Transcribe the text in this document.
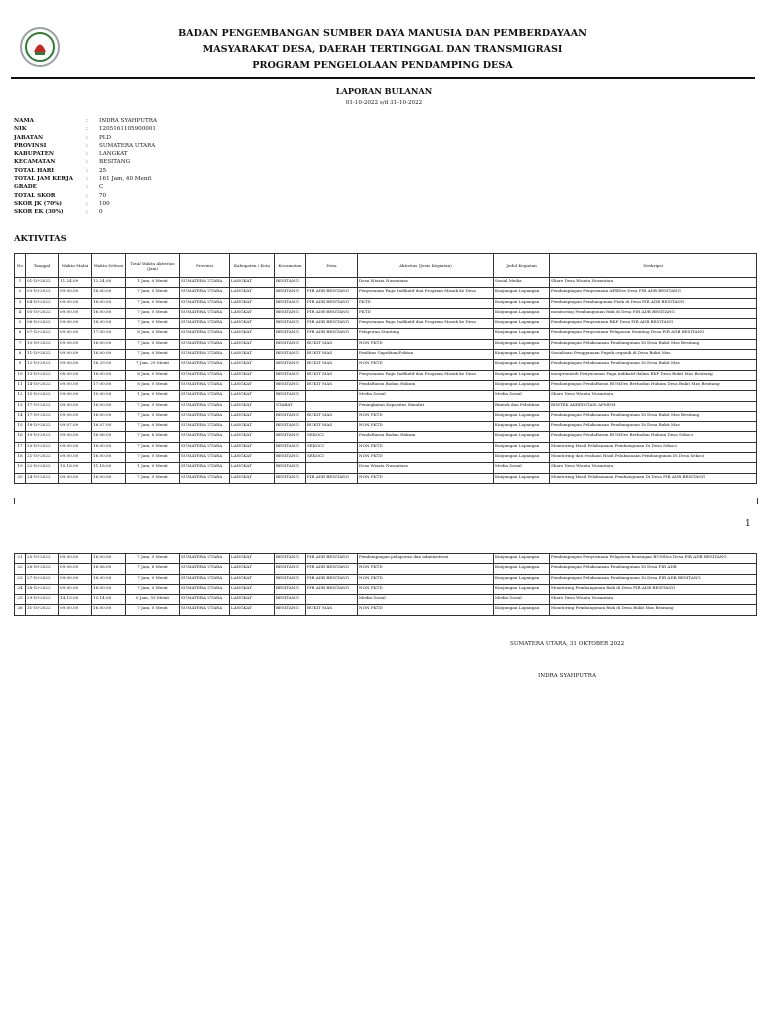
BADAN PENGEMBANGAN SUMBER DAYA MANUSIA DAN PEMBERDAYAAN
MASYARAKAT DESA, DAERAH TERTINGGAL DAN TRANSMIGRASI
PROGRAM PENGELOLAAN PENDAMPING DESA
LAPORAN BULANAN
01-10-2022 s/d 31-10-2022
NAMA	: INDRA SYAHPUTRA
NIK	: 1205161105900001
JABATAN	: PLD
PROVINSI	: SUMATERA UTARA
KABUPATEN	: LANGKAT
KECAMATAN	: BESITANG
TOTAL HARI	: 25
TOTAL JAM KERJA : 161 Jam, 40 Menit
GRADE	: C
TOTAL SKOR	: 70
SKOR JK (70%)	: 100
SKOR EK (30%)	: 0
AKTIVITAS
No	Tanggal	Waktu Mulai	Waktu Selesai	Total Waktu Aktivitas (Jam)	Provinsi	Kabupaten / Kota	Kecamatan	Desa	Aktivitas (Jenis Kegiatan)	Judul Kegiatan	Deskripsi
1	01-10-2022	11.24.00	12.24.00	1 Jam, 0 Menit	SUMATERA UTARA	LANGKAT	BESITANG		Desa Wisata Nusantara	Sosial Media	Share Desa Wisata Nusantara
2	03-10-2022	09.00.00	16.00.00	7 Jam, 0 Menit	SUMATERA UTARA	LANGKAT	BESITANG	PIR ADB BESITANG	Penyusunan Pagu Indikatif dan Program Masuk ke Desa	Kunjungan Lapangan	Pendampingan Penyusunan APBDes Desa PIR ADB BESITANG
3	04-10-2022	09.00.00	16.00.00	7 Jam, 0 Menit	SUMATERA UTARA	LANGKAT	BESITANG	PIR ADB BESITANG	PKTD	Kunjungan Lapangan	Pendampingan Pembangunan Fisik di Desa PIR ADB BESITANG
4	05-10-2022	09.00.00	16.00.00	7 Jam, 0 Menit	SUMATERA UTARA	LANGKAT	BESITANG	PIR ADB BESITANG	PKTD	Kunjungan Lapangan	monitoring Pembangunan fisik di Desa PIR ADB BESITANG
5	06-10-2022	09.00.00	16.00.00	7 Jam, 0 Menit	SUMATERA UTARA	LANGKAT	BESITANG	PIR ADB BESITANG	Penyusunan Pagu Indikatif dan Program Masuk ke Desa	Kunjungan Lapangan	Pendampingan Penyusunan RKP Desa PIR ADB BESITANG
6	07-10-2022	09.00.00	17.00.00	8 Jam, 0 Menit	SUMATERA UTARA	LANGKAT	BESITANG	PIR ADB BESITANG	Pelaporan Stunting	Kunjungan Lapangan	Pendampingan Penyusunan Pelaporan Stunting Desa PIR ADB BESITANG
7	10-10-2022	09.00.00	16.00.00	7 Jam, 0 Menit	SUMATERA UTARA	LANGKAT	BESITANG	BUKIT MAS	NON PKTD	Kunjungan Lapangan	Pendampingan Pelaksanaan Pembangunan Di Desa Bukit Mas Besitang
8	11-10-2022	09.00.00	16.00.00	7 Jam, 0 Menit	SUMATERA UTARA	LANGKAT	BESITANG	BUKIT MAS	Fasilitas Gapoktan/Poktan	Kunjungan Lapangan	Sosialisasi Penggunaan Pupuk organik di Desa Bukit Mas
9	12-10-2022	09.00.00	16.29.00	7 Jam, 29 Menit	SUMATERA UTARA	LANGKAT	BESITANG	BUKIT MAS	NON PKTD	Kunjungan Lapangan	Pendampingan Pelaksanaan Pembangunan Di Desa Bukit Mas
10	13-10-2022	08.00.00	16.00.00	8 Jam, 0 Menit	SUMATERA UTARA	LANGKAT	BESITANG	BUKIT MAS	Penyusunan Pagu Indikatif dan Program Masuk ke Desa	Kunjungan Lapangan	monpromisth Penyusunan Pagu indikatif dalam RKP Desa Bukit Mas Besitang
11	14-10-2022	09.00.00	17.00.00	8 Jam, 0 Menit	SUMATERA UTARA	LANGKAT	BESITANG	BUKIT MAS	Pendaftaran Badan Hukum	Kunjungan Lapangan	Pendampingan Pendaftaran BUMDes Berbadan Hukum Desa Bukit Mas Besitang
12	15-10-2022	09.00.00	10.00.00	1 Jam, 0 Menit	SUMATERA UTARA	LANGKAT	BESITANG		Media Sosial	Media Sosial	Share Desa Wisata Nusantara
13	17-10-2022	09.00.00	16.00.00	7 Jam, 0 Menit	SUMATERA UTARA	LANGKAT	STABAT		Peningkatan Kapasitas Mandiri	Bimtek dan Pelatihan	BIMTEK AKREDITASI APMDM
14	17-10-2022	09.00.00	16.00.00	7 Jam, 0 Menit	SUMATERA UTARA	LANGKAT	BESITANG	BUKIT MAS	NON PKTD	Kunjungan Lapangan	Pendampingan Pelaksanaan Pembangunan Di Desa Bukit Mas Besitang
15	18-10-2022	09.07.00	16.07.00	7 Jam, 0 Menit	SUMATERA UTARA	LANGKAT	BESITANG	BUKIT MAS	NON PKTD	Kunjungan Lapangan	Pendampingan Pelaksanaan Pembangunan Di Desa Bukit Mas
16	19-10-2022	09.00.00	16.06.00	7 Jam, 6 Menit	SUMATERA UTARA	LANGKAT	BESITANG	SEKOCI	Pendaftaran Badan Hukum	Kunjungan Lapangan	Pendampingan Pendaftaran BUMDes Berbadan Hukum Desa Sekoci
17	20-10-2022	09.00.00	16.00.00	7 Jam, 0 Menit	SUMATERA UTARA	LANGKAT	BESITANG	SEKOCI	NON PKTD	Kunjungan Lapangan	Monitoring Hasil Pelaksanaan Pembangunan Di Desa Sekoci
18	21-10-2022	09.00.00	16.00.00	7 Jam, 0 Menit	SUMATERA UTARA	LANGKAT	BESITANG	SEKOCI	NON PKTD	Kunjungan Lapangan	Monitoring dan evaluasi Hasil Pelaksanaan Pembangunan Di Desa Sekoci
19	22-10-2022	10.18.00	11.18.00	1 Jam, 0 Menit	SUMATERA UTARA	LANGKAT	BESITANG		Desa Wisata Nusantara	Media Sosial	Share Desa Wisata Nusantara
20	24-10-2022	09.00.00	16.00.00	7 Jam, 0 Menit	SUMATERA UTARA	LANGKAT	BESITANG	PIR ADB BESITANG	NON PKTD	Kunjungan Lapangan	Monitoring Hasil Pelaksanaan Pembangunan Di Desa PIR ADB BESITANG
1
21	25-10-2022	09.00.00	16.00.00	7 Jam, 0 Menit	SUMATERA UTARA	LANGKAT	BESITANG	PIR ADB BESITANG	Pendampingan pelaporan dan administrasi	Kunjungan Lapangan	Pendampingan Penyusunan Pelaporan keuangan BUMDes Desa PIR ADB BESITANG
22	26-10-2022	09.00.00	16.06.00	7 Jam, 6 Menit	SUMATERA UTARA	LANGKAT	BESITANG	PIR ADB BESITANG	NON PKTD	Kunjungan Lapangan	Pendampingan Pelaksanaan Pembangunan Di Desa PIR ADB
23	27-10-2022	09.00.00	16.00.00	7 Jam, 0 Menit	SUMATERA UTARA	LANGKAT	BESITANG	PIR ADB BESITANG	NON PKTD	Kunjungan Lapangan	Pendampingan Pelaksanaan Pembangunan Di Desa PIR ADB BESITANG
24	28-10-2022	09.00.00	16.00.00	7 Jam, 0 Menit	SUMATERA UTARA	LANGKAT	BESITANG	PIR ADB BESITANG	NON PKTD	Kunjungan Lapangan	Monitoring Pembangunan fisik di Desa PIR ADB BESITANG
25	29-10-2022	14.15.00	15.14.00	0 Jam, 59 Menit	SUMATERA UTARA	LANGKAT	BESITANG		Media Sosial	Media Sosial	Share Desa Wisata Nusantara
26	31-10-2022	09.00.00	16.00.00	7 Jam, 0 Menit	SUMATERA UTARA	LANGKAT	BESITANG	BUKIT MAS	NON PKTD	Kunjungan Lapangan	Monitoring Pembangunan fisik di Desa Bukit Mas Besitang
SUMATERA UTARA, 31 OKTOBER 2022
INDRA SYAHPUTRA
